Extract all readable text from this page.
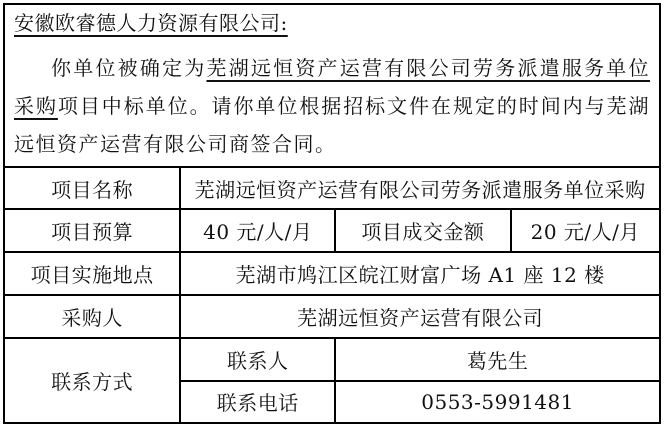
安徽欧睿德人力资源有限公司:

你单位被确定为芜湖远恒资产运营有限公司劳务派遣服务单位采购项目中标单位。请你单位根据招标文件在规定的时间内与芜湖远恒资产运营有限公司商签合同。

项目名称	芜湖远恒资产运营有限公司劳务派遣服务单位采购		
项目预算	40 元/人/月	项目成交金额	20 元/人/月
项目实施地点	芜湖市鸠江区皖江财富广场 A1 座 12 楼		
采购人	芜湖远恒资产运营有限公司		
联系方式	联系人	葛先生	
	联系电话	0553-5991481	
